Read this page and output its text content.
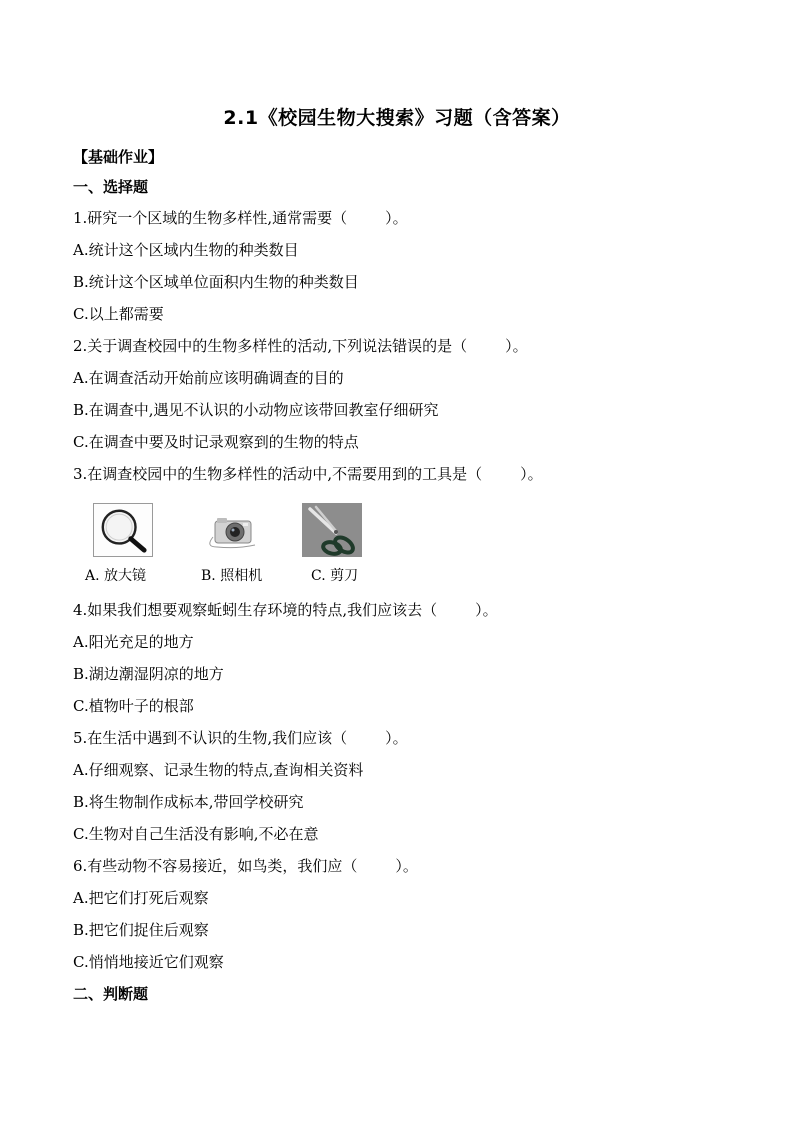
2.1《校园生物大搜索》习题（含答案）
【基础作业】
一、选择题
1.研究一个区域的生物多样性,通常需要（	）。
A.统计这个区域内生物的种类数目
B.统计这个区域单位面积内生物的种类数目
C.以上都需要
2.关于调查校园中的生物多样性的活动,下列说法错误的是（	）。
A.在调查活动开始前应该明确调查的目的
B.在调查中,遇见不认识的小动物应该带回教室仔细研究
C.在调查中要及时记录观察到的生物的特点
3.在调查校园中的生物多样性的活动中,不需要用到的工具是（	）。
A. 放大镜	B. 照相机	C. 剪刀
4.如果我们想要观察蚯蚓生存环境的特点,我们应该去（	）。
A.阳光充足的地方
B.湖边潮湿阴凉的地方
C.植物叶子的根部
5.在生活中遇到不认识的生物,我们应该（	）。
A.仔细观察、记录生物的特点,查询相关资料
B.将生物制作成标本,带回学校研究
C.生物对自己生活没有影响,不必在意
6.有些动物不容易接近，如鸟类，我们应（	）。
A.把它们打死后观察
B.把它们捉住后观察
C.悄悄地接近它们观察
二、判断题
